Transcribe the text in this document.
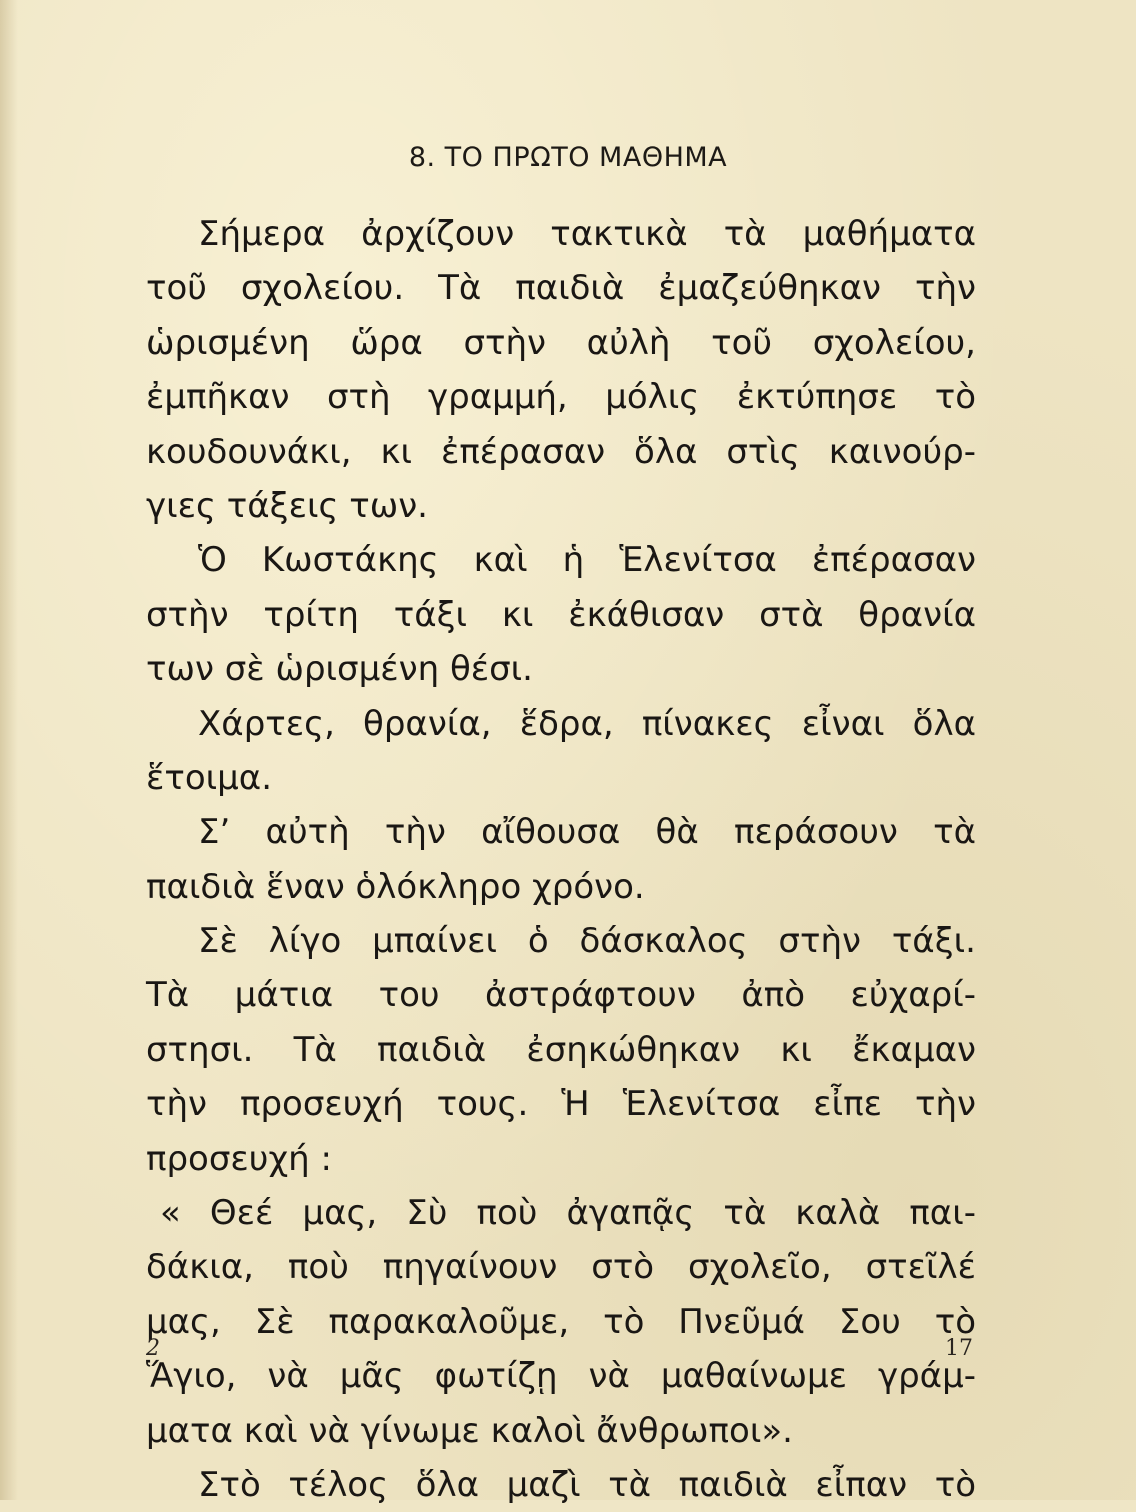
8. ΤΟ ΠΡΩΤΟ ΜΑΘΗΜΑ
Σήμερα ἀρχίζουν τακτικὰ τὰ μαθήματα
τοῦ σχολείου. Τὰ παιδιὰ ἐμαζεύθηκαν τὴν
ὡρισμένη ὥρα στὴν αὐλὴ τοῦ σχολείου,
ἐμπῆκαν στὴ γραμμή, μόλις ἐκτύπησε τὸ
κουδουνάκι, κι ἐπέρασαν ὅλα στὶς καινούρ-
γιες τάξεις των.
Ὁ Κωστάκης καὶ ἡ Ἑλενίτσα ἐπέρασαν
στὴν τρίτη τάξι κι ἐκάθισαν στὰ θρανία
των σὲ ὡρισμένη θέσι.
Χάρτες, θρανία, ἕδρα, πίνακες εἶναι ὅλα
ἕτοιμα.
Σ’ αὐτὴ τὴν αἴθουσα θὰ περάσουν τὰ
παιδιὰ ἕναν ὁλόκληρο χρόνο.
Σὲ λίγο μπαίνει ὁ δάσκαλος στὴν τάξι.
Τὰ μάτια του ἀστράφτουν ἀπὸ εὐχαρί-
στησι. Τὰ παιδιὰ ἐσηκώθηκαν κι ἔκαμαν
τὴν προσευχή τους. Ἡ Ἑλενίτσα εἶπε τὴν
προσευχή :
« Θεέ μας, Σὺ ποὺ ἀγαπᾷς τὰ καλὰ παι-
δάκια, ποὺ πηγαίνουν στὸ σχολεῖο, στεῖλέ
μας, Σὲ παρακαλοῦμε, τὸ Πνεῦμά Σου τὸ
Ἅγιο, νὰ μᾶς φωτίζῃ νὰ μαθαίνωμε γράμ-
ματα καὶ νὰ γίνωμε καλοὶ ἄνθρωποι».
Στὸ τέλος ὅλα μαζὶ τὰ παιδιὰ εἶπαν τὸ
2	17
